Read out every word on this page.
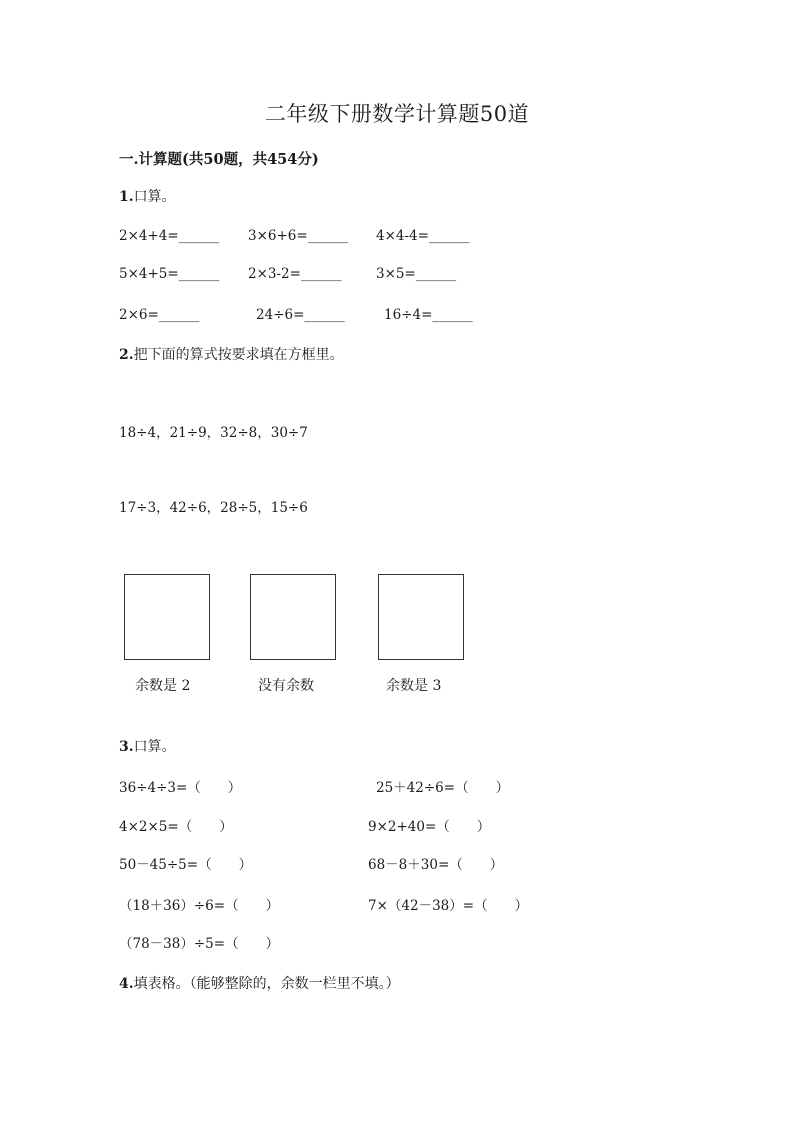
二年级下册数学计算题50道
一.计算题(共50题，共454分)
1.口算。
2×4+4=______ 3×6+6=______ 4×4-4=______
5×4+5=______ 2×3-2=______	3×5=______
2×6=______	24÷6=______	16÷4=______
2.把下面的算式按要求填在方框里。
18÷4，21÷9，32÷8，30÷7
17÷3，42÷6，28÷5，15÷6
余数是 2	没有余数	余数是 3
3.口算。
36÷4÷3=（　　）	25＋42÷6=（　　）
4×2×5=（　　）	9×2+40=（　　）
50－45÷5=（　　）	68－8＋30=（　　）
（18＋36）÷6=（　　）	7×（42－38）=（　　）
（78－38）÷5=（　　）
4.填表格。（能够整除的，余数一栏里不填。）
